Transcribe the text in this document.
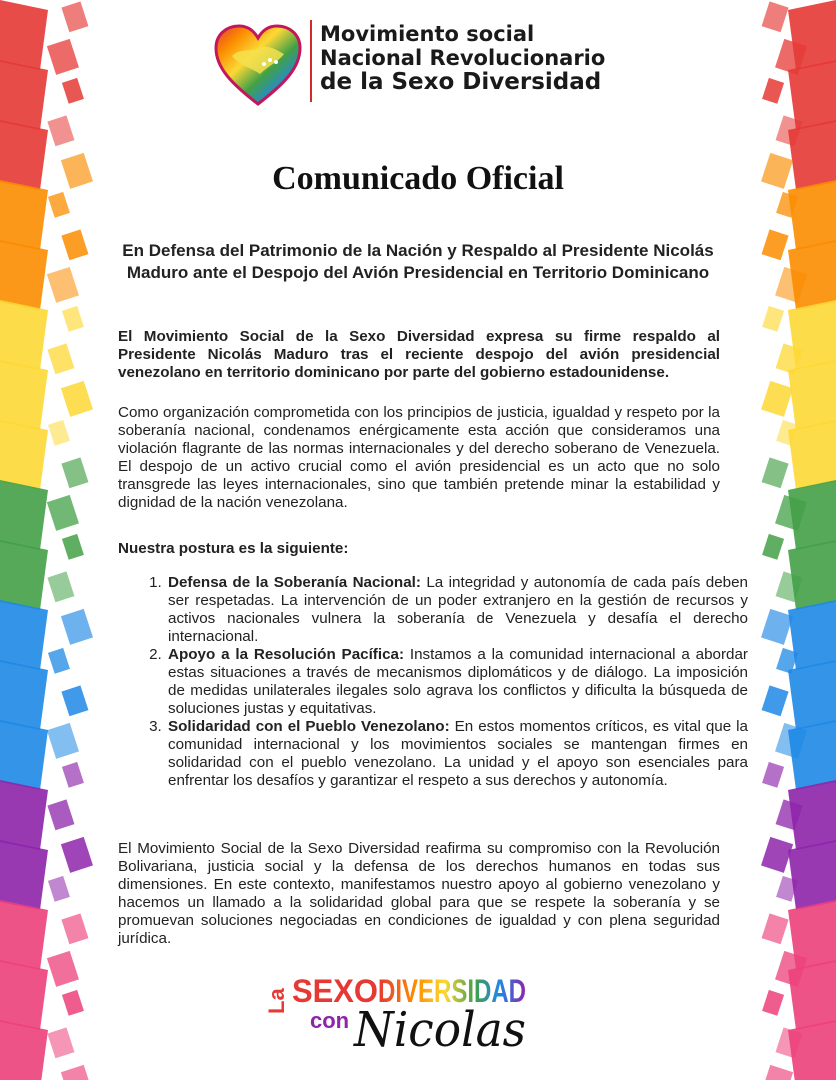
Movimiento social
Nacional Revolucionario
de la Sexo Diversidad
Comunicado Oficial
En Defensa del Patrimonio de la Nación y Respaldo al Presidente Nicolás Maduro ante el Despojo del Avión Presidencial en Territorio Dominicano
El Movimiento Social de la Sexo Diversidad expresa su firme respaldo al Presidente Nicolás Maduro tras el reciente despojo del avión presidencial venezolano en territorio dominicano por parte del gobierno estadounidense.
Como organización comprometida con los principios de justicia, igualdad y respeto por la soberanía nacional, condenamos enérgicamente esta acción que consideramos una violación flagrante de las normas internacionales y del derecho soberano de Venezuela. El despojo de un activo crucial como el avión presidencial es un acto que no solo transgrede las leyes internacionales, sino que también pretende minar la estabilidad y dignidad de la nación venezolana.
Nuestra postura es la siguiente:
1. Defensa de la Soberanía Nacional: La integridad y autonomía de cada país deben ser respetadas. La intervención de un poder extranjero en la gestión de recursos y activos nacionales vulnera la soberanía de Venezuela y desafía el derecho internacional.
2. Apoyo a la Resolución Pacífica: Instamos a la comunidad internacional a abordar estas situaciones a través de mecanismos diplomáticos y de diálogo. La imposición de medidas unilaterales ilegales solo agrava los conflictos y dificulta la búsqueda de soluciones justas y equitativas.
3. Solidaridad con el Pueblo Venezolano: En estos momentos críticos, es vital que la comunidad internacional y los movimientos sociales se mantengan firmes en solidaridad con el pueblo venezolano. La unidad y el apoyo son esenciales para enfrentar los desafíos y garantizar el respeto a sus derechos y autonomía.
El Movimiento Social de la Sexo Diversidad reafirma su compromiso con la Revolución Bolivariana, justicia social y la defensa de los derechos humanos en todas sus dimensiones. En este contexto, manifestamos nuestro apoyo al gobierno venezolano y hacemos un llamado a la solidaridad global para que se respete la soberanía y se promuevan soluciones negociadas en condiciones de igualdad y con plena seguridad jurídica.
La SEXO DIVERSIDAD
con Nicolas
